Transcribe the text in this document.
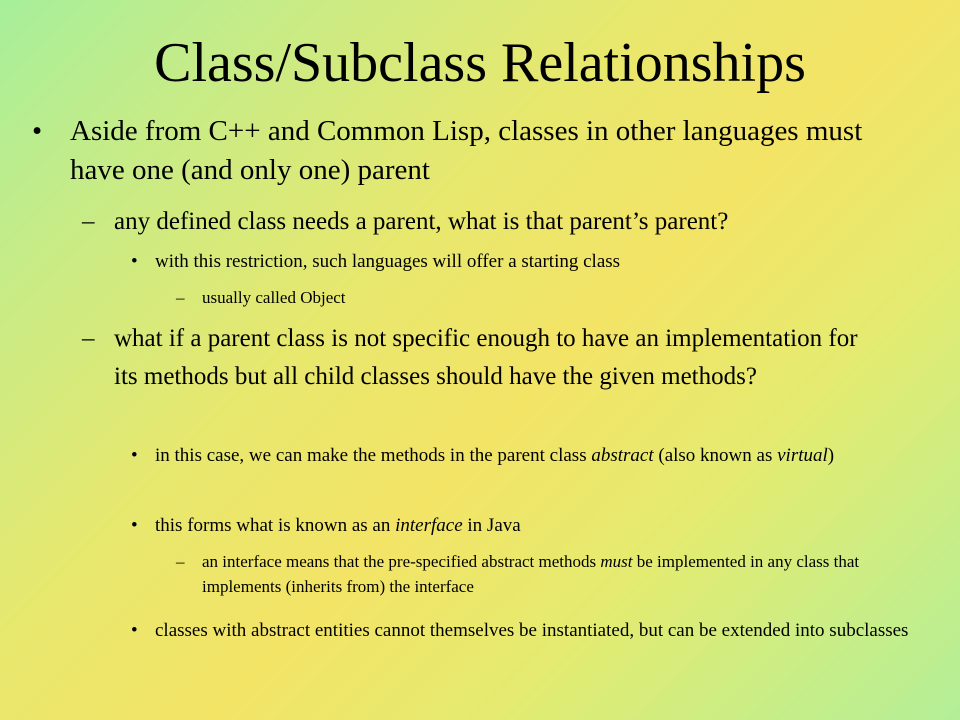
Class/Subclass Relationships
• Aside from C++ and Common Lisp, classes in other languages must have one (and only one) parent
– any defined class needs a parent, what is that parent’s parent?
• with this restriction, such languages will offer a starting class
–	usually called Object
– what if a parent class is not specific enough to have an implementation for its methods but all child classes should have the given methods?
• in this case, we can make the methods in the parent class abstract (also known as virtual)
• this forms what is known as an interface in Java
–	an interface means that the pre-specified abstract methods must be implemented in any class that implements (inherits from) the interface
• classes with abstract entities cannot themselves be instantiated, but can be extended into subclasses
